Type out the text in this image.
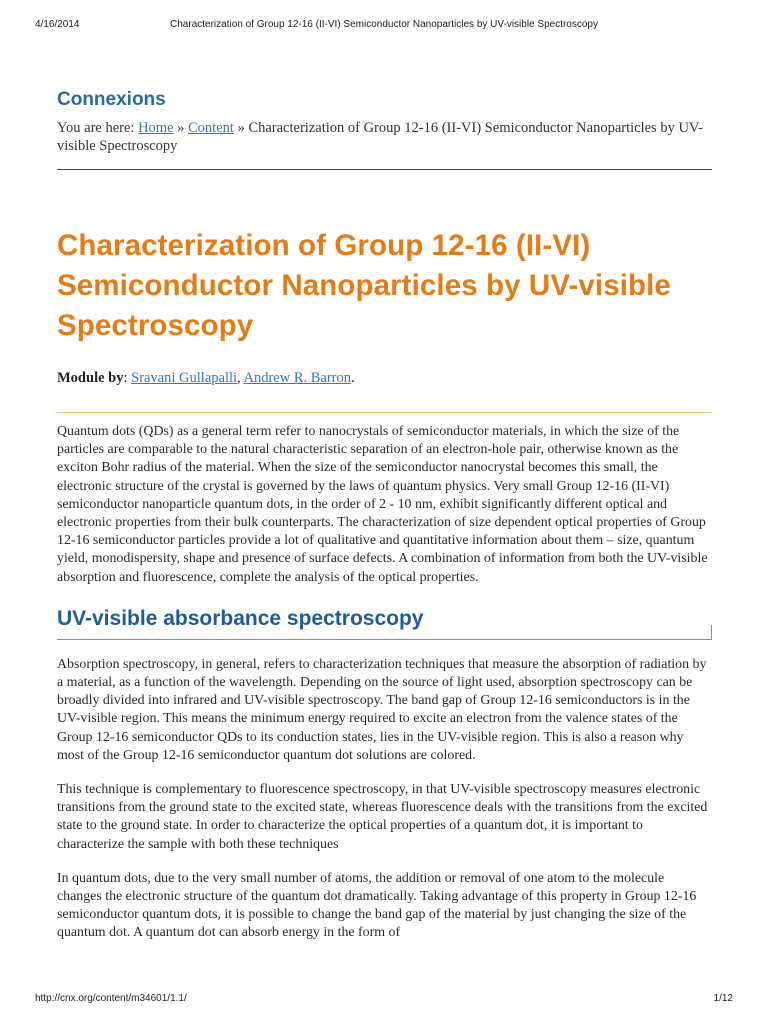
4/16/2014	Characterization of Group 12-16 (II-VI) Semiconductor Nanoparticles by UV-visible Spectroscopy
Connexions
You are here: Home » Content » Characterization of Group 12-16 (II-VI) Semiconductor Nanoparticles by UV-visible Spectroscopy
Characterization of Group 12-16 (II-VI) Semiconductor Nanoparticles by UV-visible Spectroscopy
Module by: Sravani Gullapalli, Andrew R. Barron.

Quantum dots (QDs) as a general term refer to nanocrystals of semiconductor materials, in which the size of the particles are comparable to the natural characteristic separation of an electron-hole pair, otherwise known as the exciton Bohr radius of the material. When the size of the semiconductor nanocrystal becomes this small, the electronic structure of the crystal is governed by the laws of quantum physics. Very small Group 12-16 (II-VI) semiconductor nanoparticle quantum dots, in the order of 2 - 10 nm, exhibit significantly different optical and electronic properties from their bulk counterparts. The characterization of size dependent optical properties of Group 12-16 semiconductor particles provide a lot of qualitative and quantitative information about them – size, quantum yield, monodispersity, shape and presence of surface defects. A combination of information from both the UV-visible absorption and fluorescence, complete the analysis of the optical properties.

UV-visible absorbance spectroscopy

Absorption spectroscopy, in general, refers to characterization techniques that measure the absorption of radiation by a material, as a function of the wavelength. Depending on the source of light used, absorption spectroscopy can be broadly divided into infrared and UV-visible spectroscopy. The band gap of Group 12-16 semiconductors is in the UV-visible region. This means the minimum energy required to excite an electron from the valence states of the Group 12-16 semiconductor QDs to its conduction states, lies in the UV-visible region. This is also a reason why most of the Group 12-16 semiconductor quantum dot solutions are colored.

This technique is complementary to fluorescence spectroscopy, in that UV-visible spectroscopy measures electronic transitions from the ground state to the excited state, whereas fluorescence deals with the transitions from the excited state to the ground state. In order to characterize the optical properties of a quantum dot, it is important to characterize the sample with both these techniques

In quantum dots, due to the very small number of atoms, the addition or removal of one atom to the molecule changes the electronic structure of the quantum dot dramatically. Taking advantage of this property in Group 12-16 semiconductor quantum dots, it is possible to change the band gap of the material by just changing the size of the quantum dot. A quantum dot can absorb energy in the form of

http://cnx.org/content/m34601/1.1/	1/12
